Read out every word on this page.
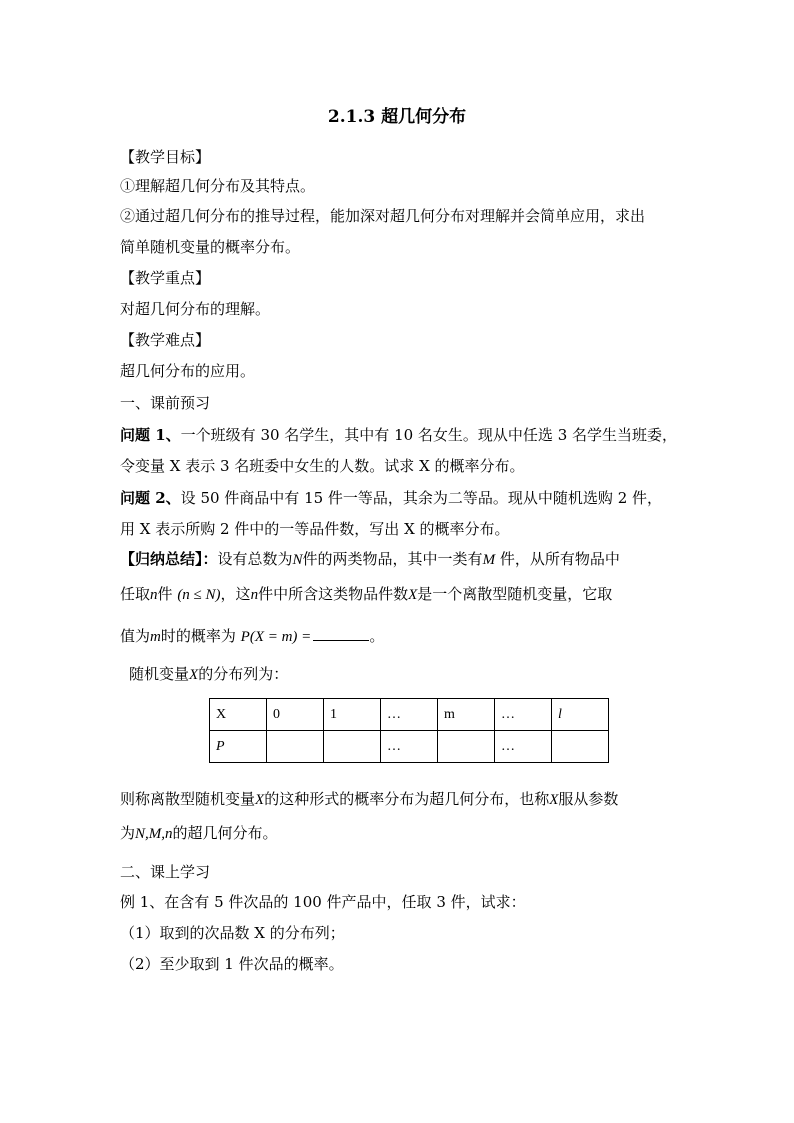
2.1.3 超几何分布
【教学目标】
①理解超几何分布及其特点。
②通过超几何分布的推导过程，能加深对超几何分布对理解并会简单应用，求出
简单随机变量的概率分布。
【教学重点】
对超几何分布的理解。
【教学难点】
超几何分布的应用。
一、课前预习
问题 1、一个班级有 30 名学生，其中有 10 名女生。现从中任选 3 名学生当班委，
令变量 X 表示 3 名班委中女生的人数。试求 X 的概率分布。
问题 2、设 50 件商品中有 15 件一等品，其余为二等品。现从中随机选购 2 件，
用 X 表示所购 2 件中的一等品件数，写出 X 的概率分布。
【归纳总结】：设有总数为N件的两类物品，其中一类有M 件，从所有物品中
任取n件 (n ≤ N)，这n件中所含这类物品件数X是一个离散型随机变量，它取
值为m时的概率为 P(X = m) =	。
随机变量X的分布列为：
X	0	1	…	m	…	l
P			…		…	
则称离散型随机变量X的这种形式的概率分布为超几何分布，也称X服从参数
为N,M,n的超几何分布。
二、课上学习
例 1、在含有 5 件次品的 100 件产品中，任取 3 件，试求：
（1）取到的次品数 X 的分布列；
（2）至少取到 1 件次品的概率。
